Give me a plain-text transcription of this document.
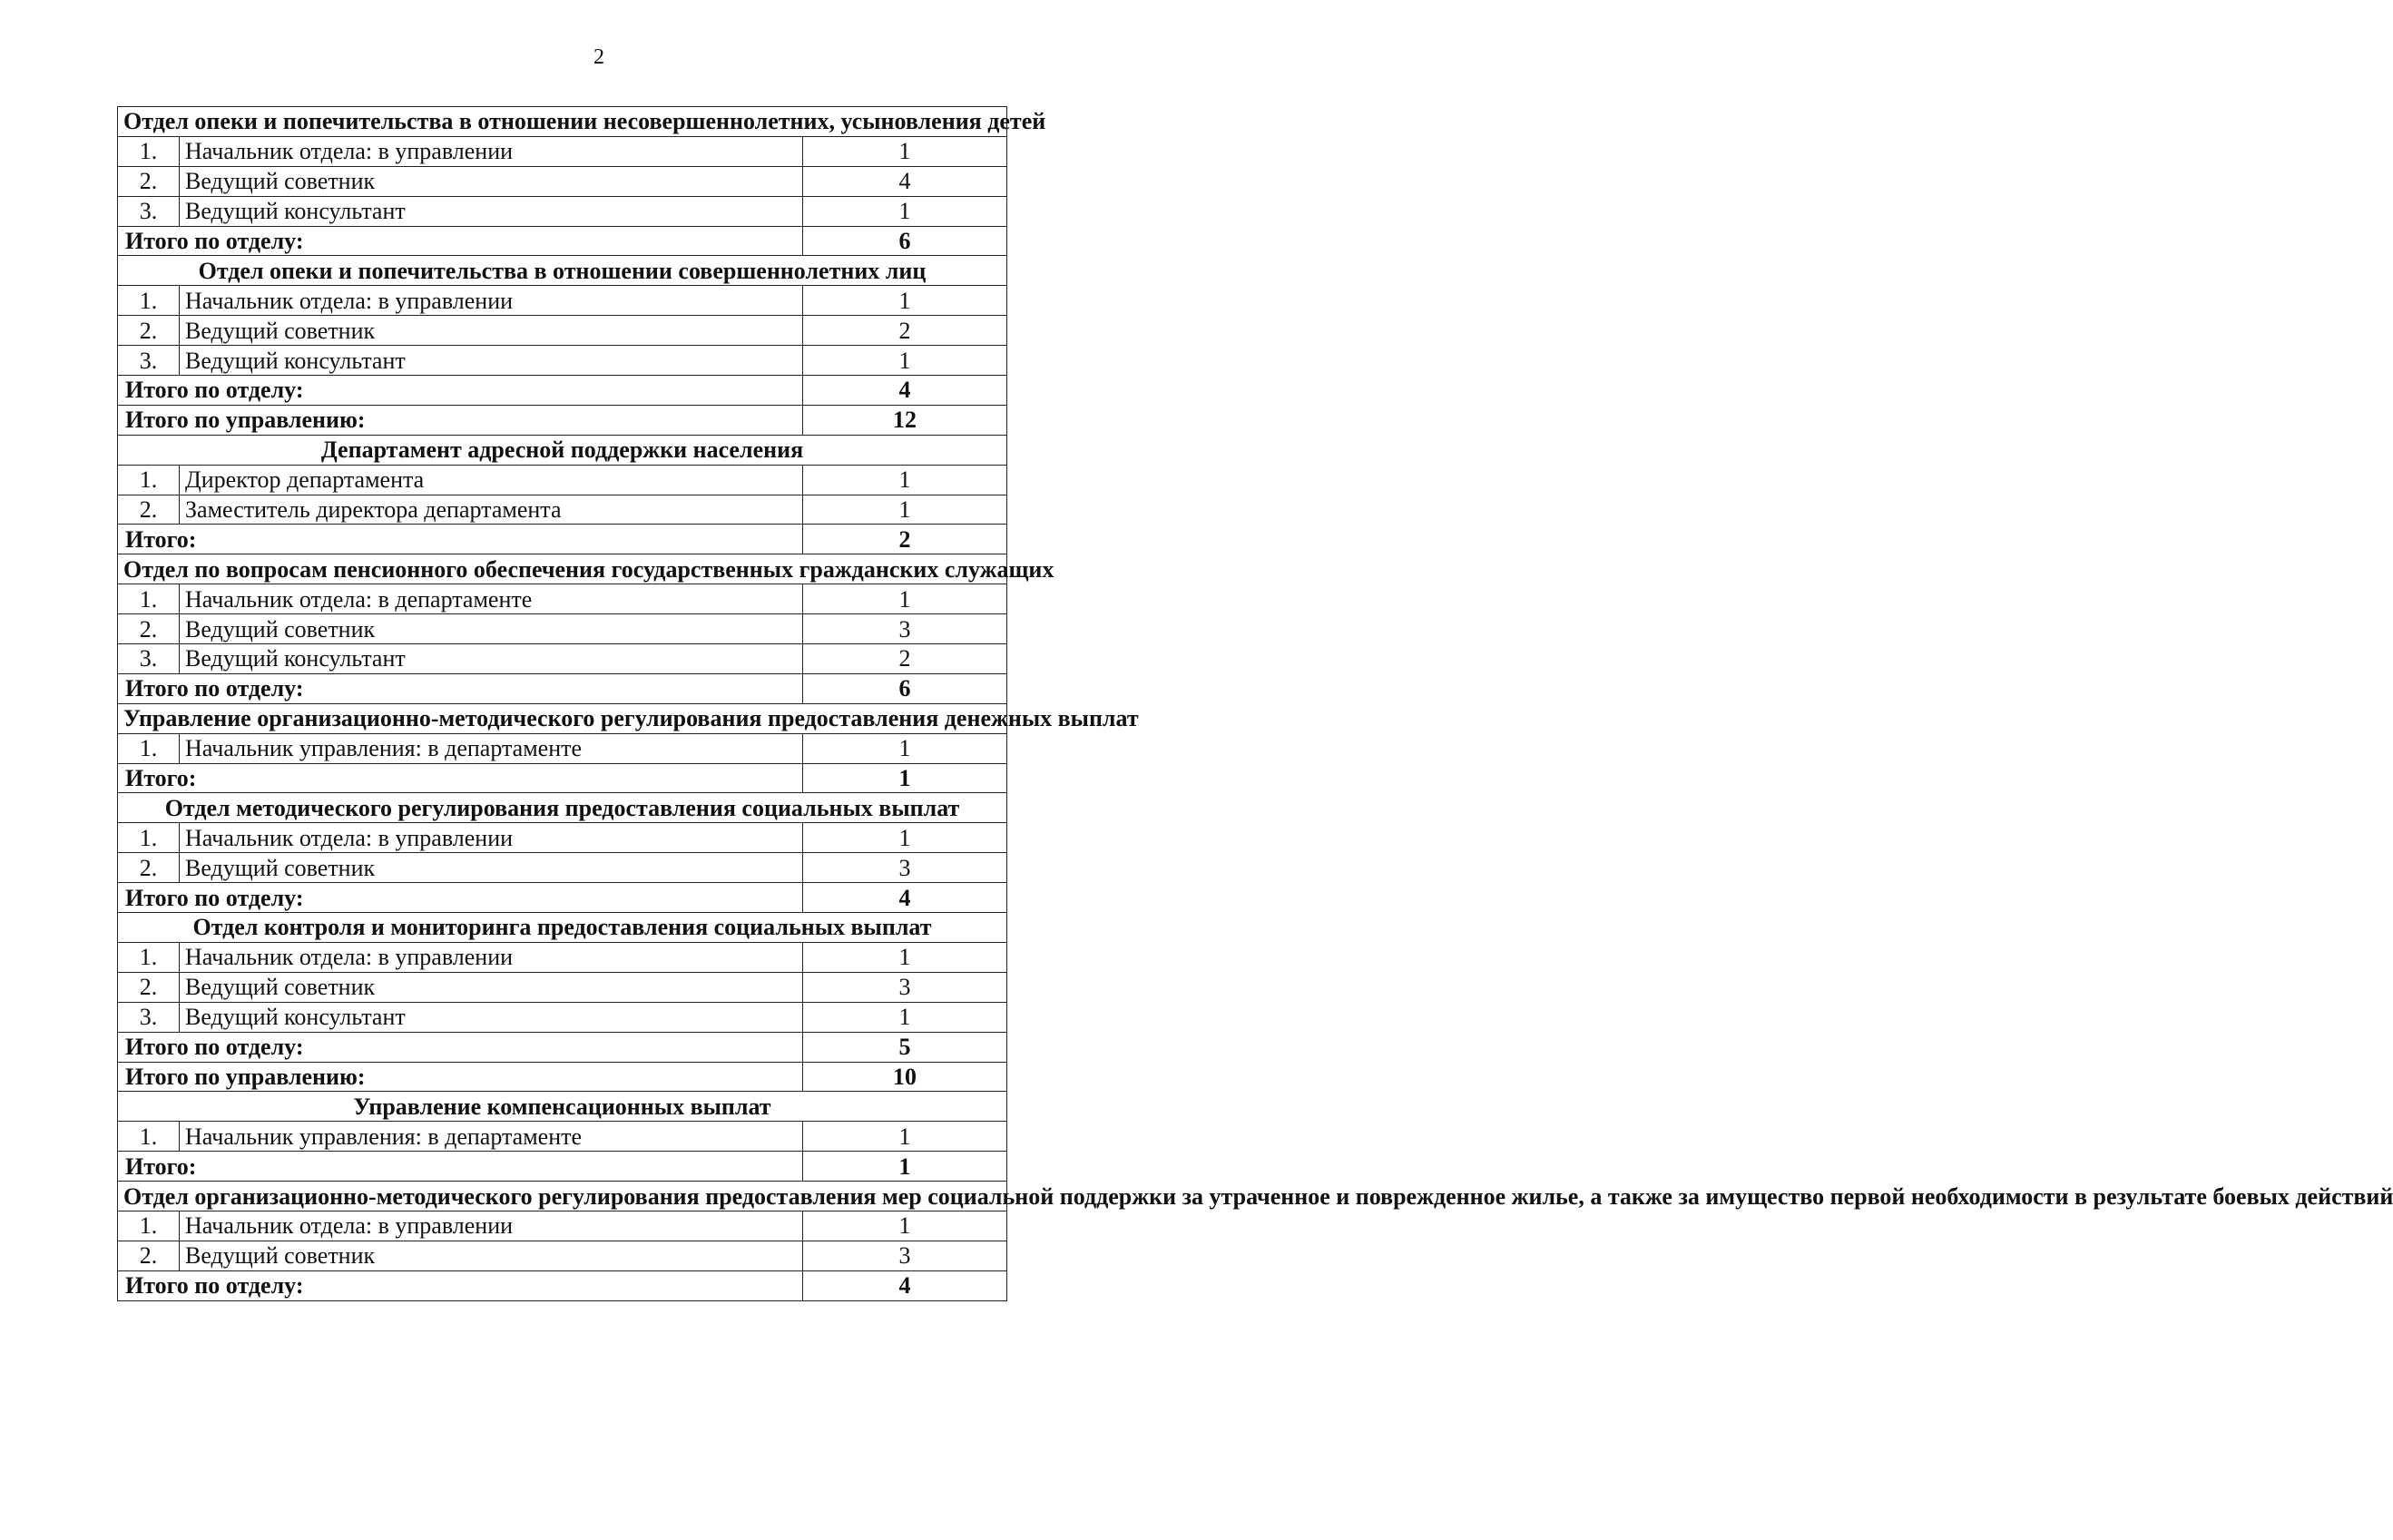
2
Отдел опеки и попечительства в отношении несовершеннолетних, усыновления детей		
1.	Начальник отдела: в управлении	1
2.	Ведущий советник	4
3.	Ведущий консультант	1
Итого по отделу:		6
Отдел опеки и попечительства в отношении совершеннолетних лиц		
1.	Начальник отдела: в управлении	1
2.	Ведущий советник	2
3.	Ведущий консультант	1
Итого по отделу:		4
Итого по управлению:		12
Департамент адресной поддержки населения		
1.	Директор департамента	1
2.	Заместитель директора департамента	1
Итого:		2
Отдел по вопросам пенсионного обеспечения государственных гражданских служащих		
1.	Начальник отдела: в департаменте	1
2.	Ведущий советник	3
3.	Ведущий консультант	2
Итого по отделу:		6
Управление организационно-методического регулирования предоставления денежных выплат		
1.	Начальник управления: в департаменте	1
Итого:		1
Отдел методического регулирования предоставления социальных выплат		
1.	Начальник отдела: в управлении	1
2.	Ведущий советник	3
Итого по отделу:		4
Отдел контроля и мониторинга предоставления социальных выплат		
1.	Начальник отдела: в управлении	1
2.	Ведущий советник	3
3.	Ведущий консультант	1
Итого по отделу:		5
Итого по управлению:		10
Управление компенсационных выплат		
1.	Начальник управления: в департаменте	1
Итого:		1
Отдел организационно-методического регулирования предоставления мер социальной поддержки за утраченное и поврежденное жилье, а также за имущество первой необходимости в результате боевых действий		
1.	Начальник отдела: в управлении	1
2.	Ведущий советник	3
Итого по отделу:		4
